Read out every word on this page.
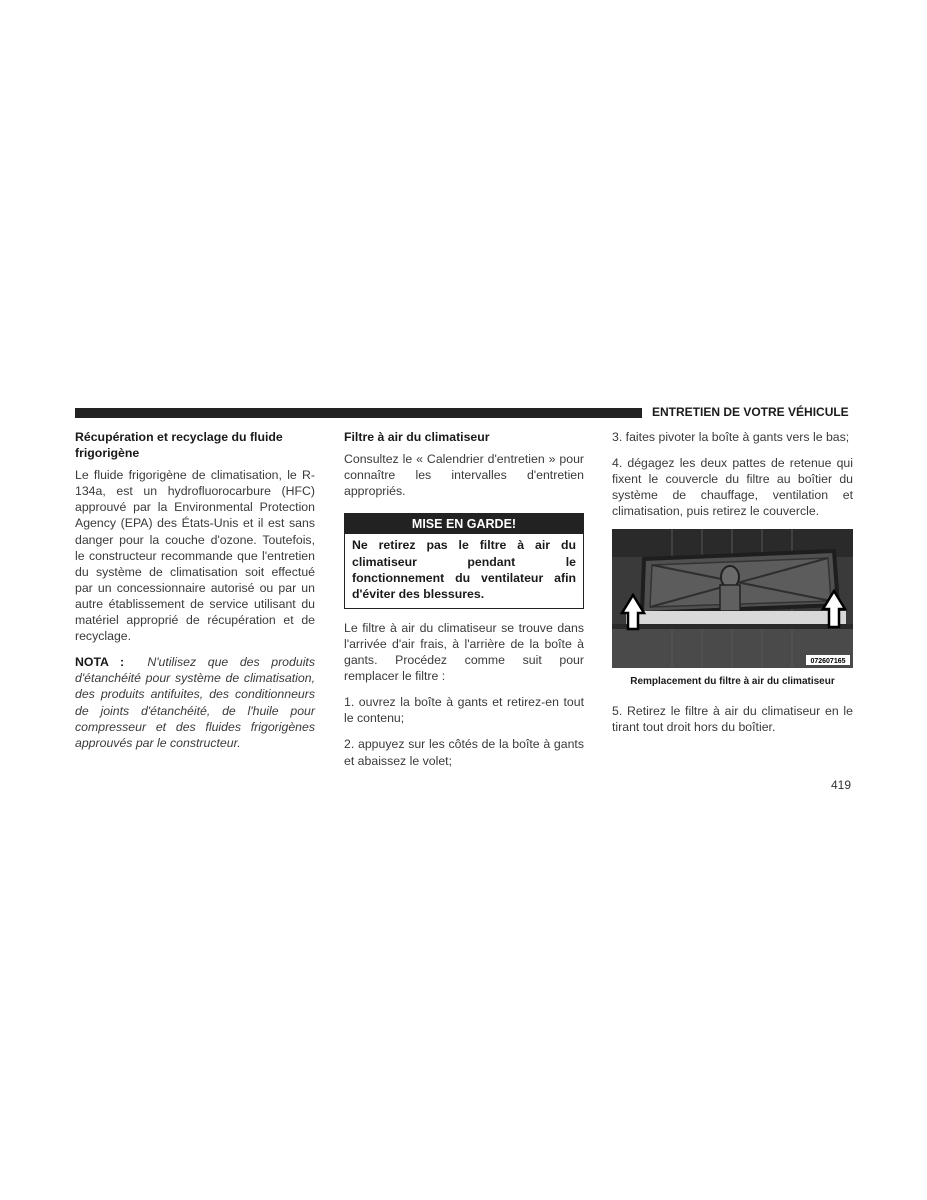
ENTRETIEN DE VOTRE VÉHICULE
Récupération et recyclage du fluide frigorigène

Le fluide frigorigène de climatisation, le R-134a, est un hydrofluorocarbure (HFC) approuvé par la Environmental Protection Agency (EPA) des États-Unis et il est sans danger pour la couche d'ozone. Toutefois, le constructeur recommande que l'entretien du système de climatisation soit effectué par un concessionnaire autorisé ou par un autre établissement de service utilisant du matériel approprié de récupération et de recyclage.

NOTA : N'utilisez que des produits d'étanchéité pour système de climatisation, des produits antifuites, des conditionneurs de joints d'étanchéité, de l'huile pour compresseur et des fluides frigorigènes approuvés par le constructeur.

Filtre à air du climatiseur

Consultez le « Calendrier d'entretien » pour connaître les intervalles d'entretien appropriés.

MISE EN GARDE!
Ne retirez pas le filtre à air du climatiseur pendant le fonctionnement du ventilateur afin d'éviter des blessures.

Le filtre à air du climatiseur se trouve dans l'arrivée d'air frais, à l'arrière de la boîte à gants. Procédez comme suit pour remplacer le filtre :

1. ouvrez la boîte à gants et retirez-en tout le contenu;

2. appuyez sur les côtés de la boîte à gants et abaissez le volet;

3. faites pivoter la boîte à gants vers le bas;

4. dégagez les deux pattes de retenue qui fixent le couvercle du filtre au boîtier du système de chauffage, ventilation et climatisation, puis retirez le couvercle.

072607165
Remplacement du filtre à air du climatiseur

5. Retirez le filtre à air du climatiseur en le tirant tout droit hors du boîtier.

419
